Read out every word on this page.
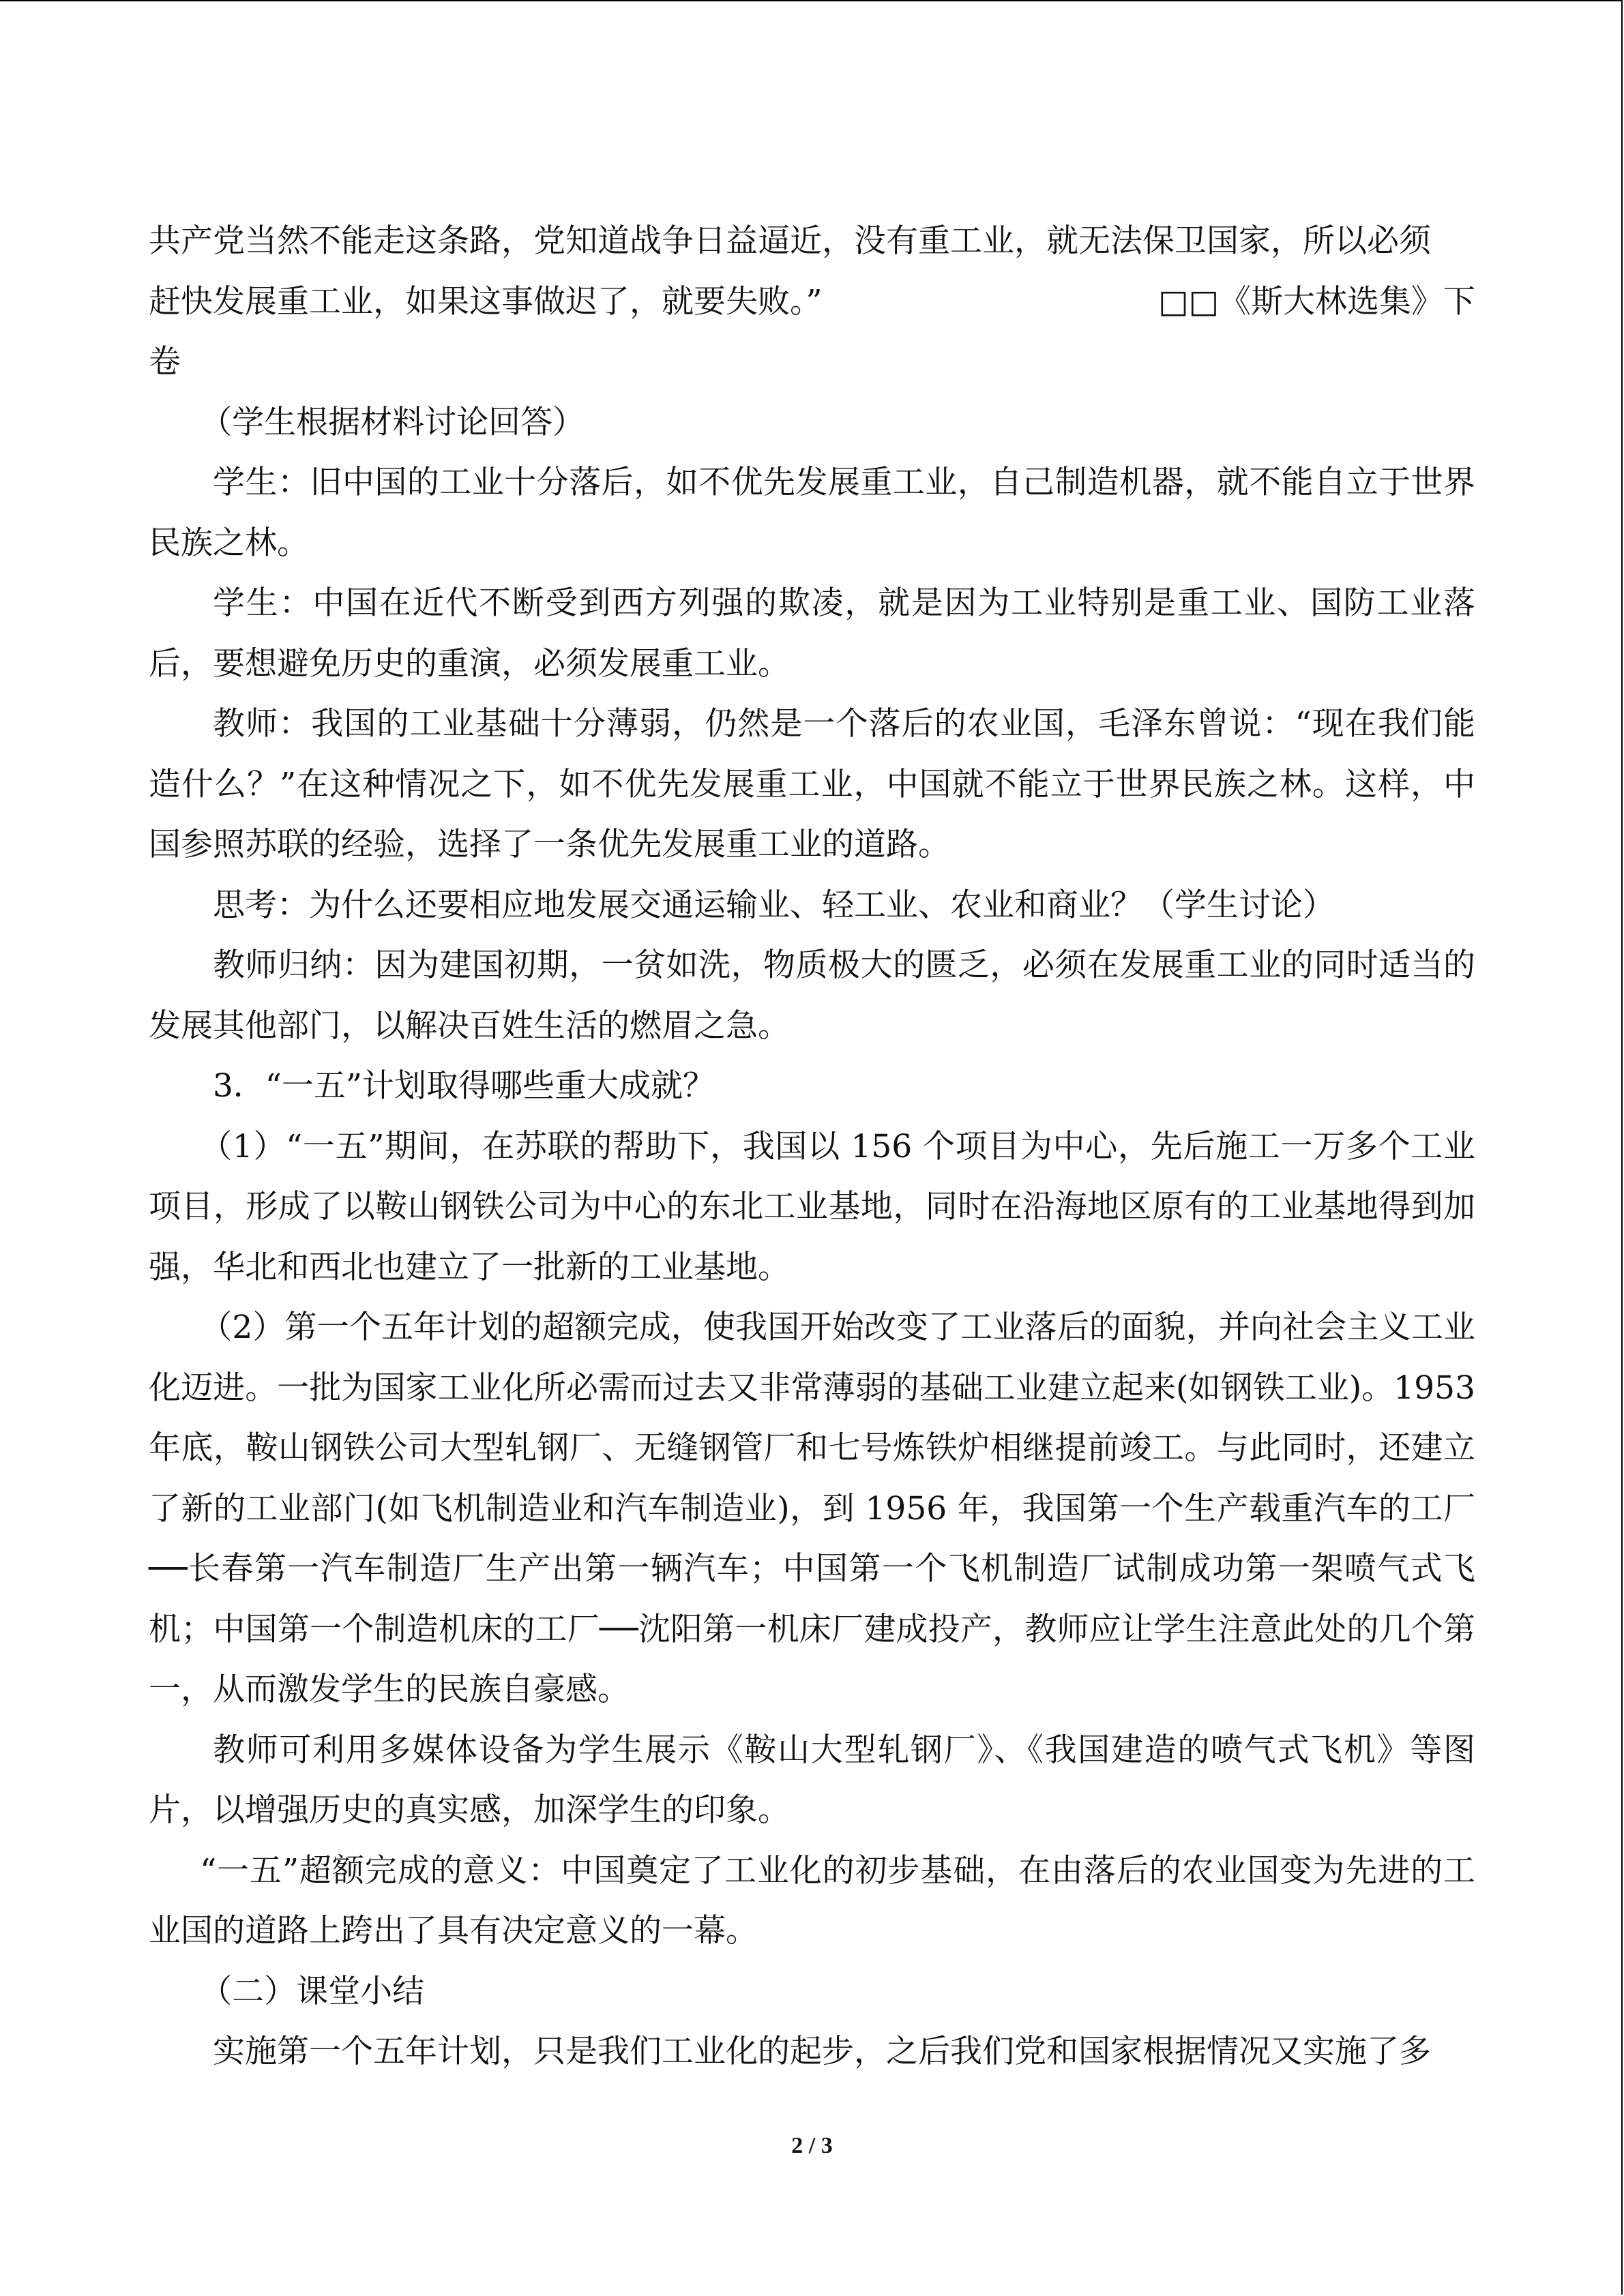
共产党当然不能走这条路，党知道战争日益逼近，没有重工业，就无法保卫国家，所以必须

赶快发展重工业，如果这事做迟了，就要失败。”	□□《斯大林选集》下

卷

（学生根据材料讨论回答）

学生：旧中国的工业十分落后，如不优先发展重工业，自己制造机器，就不能自立于世界民族之林。

学生：中国在近代不断受到西方列强的欺凌，就是因为工业特别是重工业、国防工业落后，要想避免历史的重演，必须发展重工业。

教师：我国的工业基础十分薄弱，仍然是一个落后的农业国，毛泽东曾说：“现在我们能造什么？”在这种情况之下，如不优先发展重工业，中国就不能立于世界民族之林。这样，中国参照苏联的经验，选择了一条优先发展重工业的道路。

思考：为什么还要相应地发展交通运输业、轻工业、农业和商业？（学生讨论）

教师归纳：因为建国初期，一贫如洗，物质极大的匮乏，必须在发展重工业的同时适当的发展其他部门，以解决百姓生活的燃眉之急。

3．“一五”计划取得哪些重大成就？

（1）“一五”期间，在苏联的帮助下，我国以 156 个项目为中心，先后施工一万多个工业项目，形成了以鞍山钢铁公司为中心的东北工业基地，同时在沿海地区原有的工业基地得到加强，华北和西北也建立了一批新的工业基地。

（2）第一个五年计划的超额完成，使我国开始改变了工业落后的面貌，并向社会主义工业化迈进。一批为国家工业化所必需而过去又非常薄弱的基础工业建立起来(如钢铁工业)。1953 年底，鞍山钢铁公司大型轧钢厂、无缝钢管厂和七号炼铁炉相继提前竣工。与此同时，还建立了新的工业部门(如飞机制造业和汽车制造业)，到 1956 年，我国第一个生产载重汽车的工厂──长春第一汽车制造厂生产出第一辆汽车；中国第一个飞机制造厂试制成功第一架喷气式飞机；中国第一个制造机床的工厂──沈阳第一机床厂建成投产，教师应让学生注意此处的几个第一，从而激发学生的民族自豪感。

教师可利用多媒体设备为学生展示《鞍山大型轧钢厂》、《我国建造的喷气式飞机》等图片，以增强历史的真实感，加深学生的印象。

“一五”超额完成的意义：中国奠定了工业化的初步基础，在由落后的农业国变为先进的工业国的道路上跨出了具有决定意义的一幕。

（二）课堂小结

实施第一个五年计划，只是我们工业化的起步，之后我们党和国家根据情况又实施了多

2 / 3
